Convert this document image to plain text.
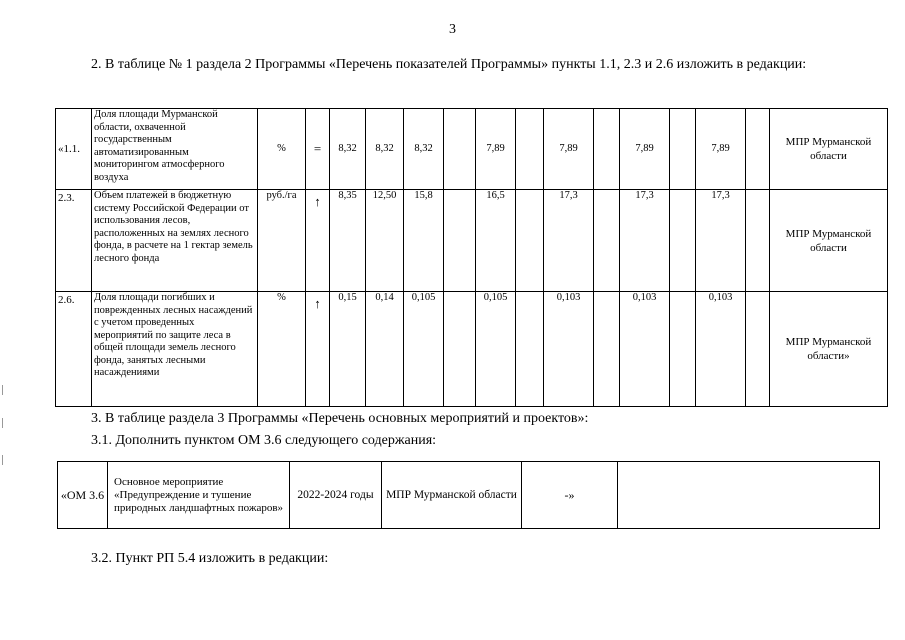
3
2. В таблице № 1 раздела 2 Программы «Перечень показателей Программы» пункты 1.1, 2.3 и 2.6 изложить в редакции:
«1.1.	Доля площади Мурманской области, охваченной государственным автоматизированным мониторингом атмосферного воздуха	%	=	8,32	8,32	8,32		7,89		7,89		7,89		7,89		МПР Мурманской области
2.3.	Объем платежей в бюджетную систему Российской Федерации от использования лесов, расположенных на землях лесного фонда, в расчете на 1 гектар земель лесного фонда	руб./га	↑	8,35	12,50	15,8		16,5		17,3		17,3		17,3		МПР Мурманской области
2.6.	Доля площади погибших и поврежденных лесных насаждений с учетом проведенных мероприятий по защите леса в общей площади земель лесного фонда, занятых лесными насаждениями	%	↑	0,15	0,14	0,105		0,105		0,103		0,103		0,103		МПР Мурманской области»
3. В таблице раздела 3 Программы «Перечень основных мероприятий и проектов»:
3.1. Дополнить пунктом ОМ 3.6 следующего содержания:
«ОМ 3.6	Основное мероприятие «Предупреждение и тушение природных ландшафтных пожаров»	2022-2024 годы	МПР Мурманской области	-»	
3.2. Пункт РП 5.4 изложить в редакции:
